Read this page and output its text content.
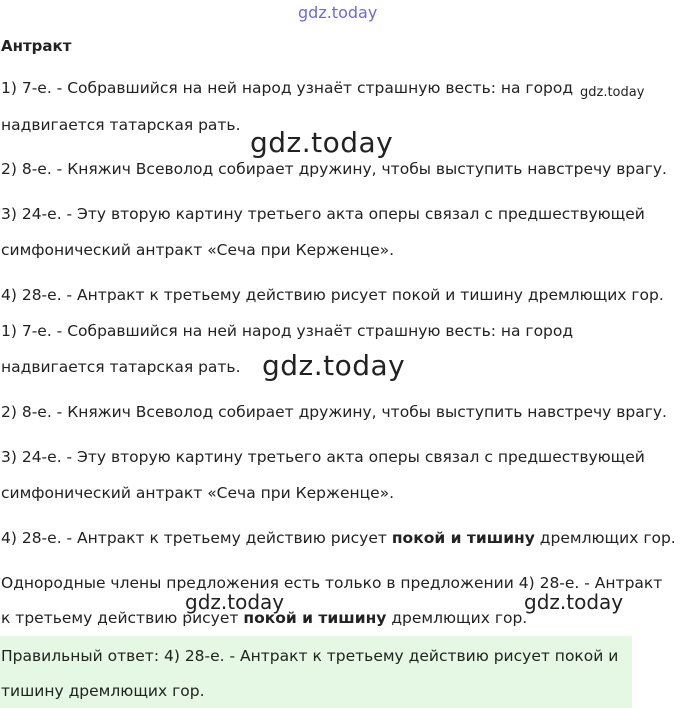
gdz.today
Антракт
1) 7-е. - Собравшийся на ней народ узнаёт страшную весть: на город gdz.today
надвигается татарская рать.
gdz.today
2) 8-е. - Княжич Всеволод собирает дружину, чтобы выступить навстречу врагу.
3) 24-е. - Эту вторую картину третьего акта оперы связал с предшествующей
симфонический антракт «Сеча при Керженце».
4) 28-е. - Антракт к третьему действию рисует покой и тишину дремлющих гор.
1) 7-е. - Собравшийся на ней народ узнаёт страшную весть: на город
надвигается татарская рать. gdz.today
2) 8-е. - Княжич Всеволод собирает дружину, чтобы выступить навстречу врагу.
3) 24-е. - Эту вторую картину третьего акта оперы связал с предшествующей
симфонический антракт «Сеча при Керженце».
4) 28-е. - Антракт к третьему действию рисует покой и тишину дремлющих гор.
Однородные члены предложения есть только в предложении 4) 28-е. - Антракт
gdz.today	gdz.today
к третьему действию рисует покой и тишину дремлющих гор.
Правильный ответ: 4) 28-е. - Антракт к третьему действию рисует покой и
тишину дремлющих гор.
